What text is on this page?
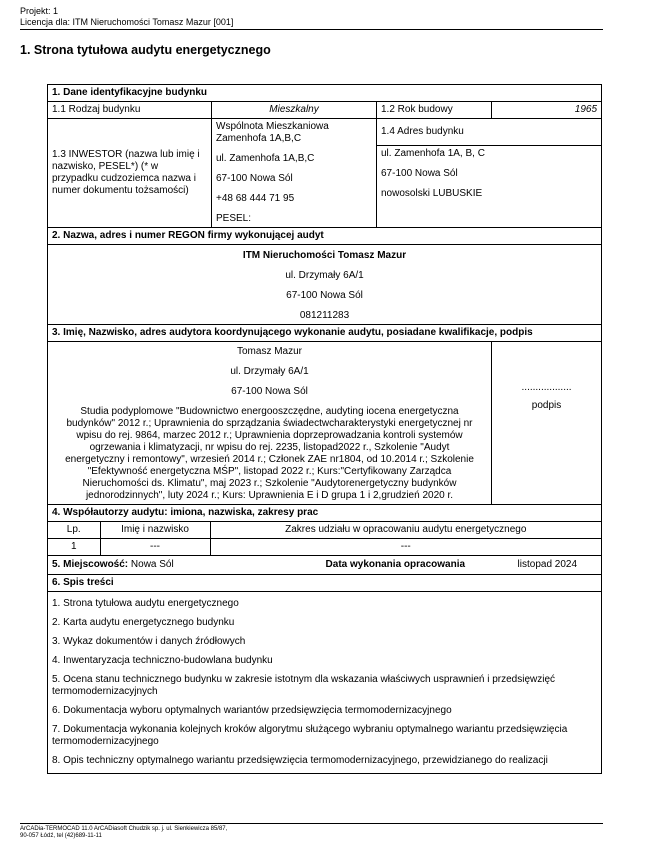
Projekt: 1
Licencja dla: ITM Nieruchomości Tomasz Mazur [001]
1. Strona tytułowa audytu energetycznego
1. Dane identyfikacyjne budynku
1.1 Rodzaj budynku	Mieszkalny	1.2 Rok budowy	1965
1.3 INWESTOR (nazwa lub imię i nazwisko, PESEL*) (* w przypadku cudzoziemca nazwa i numer dokumentu tożsamości)	
Wspólnota Mieszkaniowa Zamenhofa 1A,B,C
ul. Zamenhofa 1A,B,C
67-100 Nowa Sól
+48 68 444 71 95
PESEL:
	1.4 Adres budynku

ul. Zamenhofa 1A, B, C
67-100 Nowa Sól
nowosolski LUBUSKIE

2. Nazwa, adres i numer REGON firmy wykonującej audyt

ITM Nieruchomości Tomasz Mazur
ul. Drzymały 6A/1
67-100 Nowa Sól
081211283

3. Imię, Nazwisko, adres audytora koordynującego wykonanie audytu, posiadane kwalifikacje, podpis

Tomasz Mazur
ul. Drzymały 6A/1
67-100 Nowa Sól
Studia podyplomowe "Budownictwo energooszczędne, audyting iocena energetyczna budynków" 2012 r.; Uprawnienia do sprządzania świadectwcharakterystyki energetycznej nr wpisu do rej. 9864, marzec 2012 r.; Uprawnienia doprzeprowadzania kontroli systemów ogrzewania i klimatyzacji, nr wpisu do rej. 2235, listopad2022 r., Szkolenie "Audyt energetyczny i remontowy", wrzesień 2014 r.; Członek ZAE nr1804, od 10.2014 r.; Szkolenie "Efektywność energetyczna MŚP", listopad 2022 r.; Kurs:"Certyfikowany Zarządca Nieruchomości ds. Klimatu", maj 2023 r.; Szkolenie "Audytorenergetyczny budynków jednorodzinnych", luty 2024 r.; Kurs: Uprawnienia E i D grupa 1 i 2,grudzień 2020 r.

..................
podpis

4. Współautorzy audytu: imiona, nazwiska, zakresy prac

Lp.	Imię i nazwisko	Zakres udziału w opracowaniu audytu energetycznego
1	---	---

5. Miejscowość: Nowa Sól	Data wykonania opracowania	listopad 2024

6. Spis treści

1. Strona tytułowa audytu energetycznego
2. Karta audytu energetycznego budynku
3. Wykaz dokumentów i danych źródłowych
4. Inwentaryzacja techniczno-budowlana budynku
5. Ocena stanu technicznego budynku w zakresie istotnym dla wskazania właściwych usprawnień i przedsięwzięć termomodernizacyjnych
6. Dokumentacja wyboru optymalnych wariantów przedsięwzięcia termomodernizacyjnego
7. Dokumentacja wykonania kolejnych kroków algorytmu służącego wybraniu optymalnego wariantu przedsięwzięcia termomodernizacyjnego
8. Opis techniczny optymalnego wariantu przedsięwzięcia termomodernizacyjnego, przewidzianego do realizacji
ArCADia-TERMOCAD 11.0 ArCADiasoft Chudzik sp. j. ul. Sienkiewicza 85/87,
90-057 Łódź, tel (42)689-11-11
